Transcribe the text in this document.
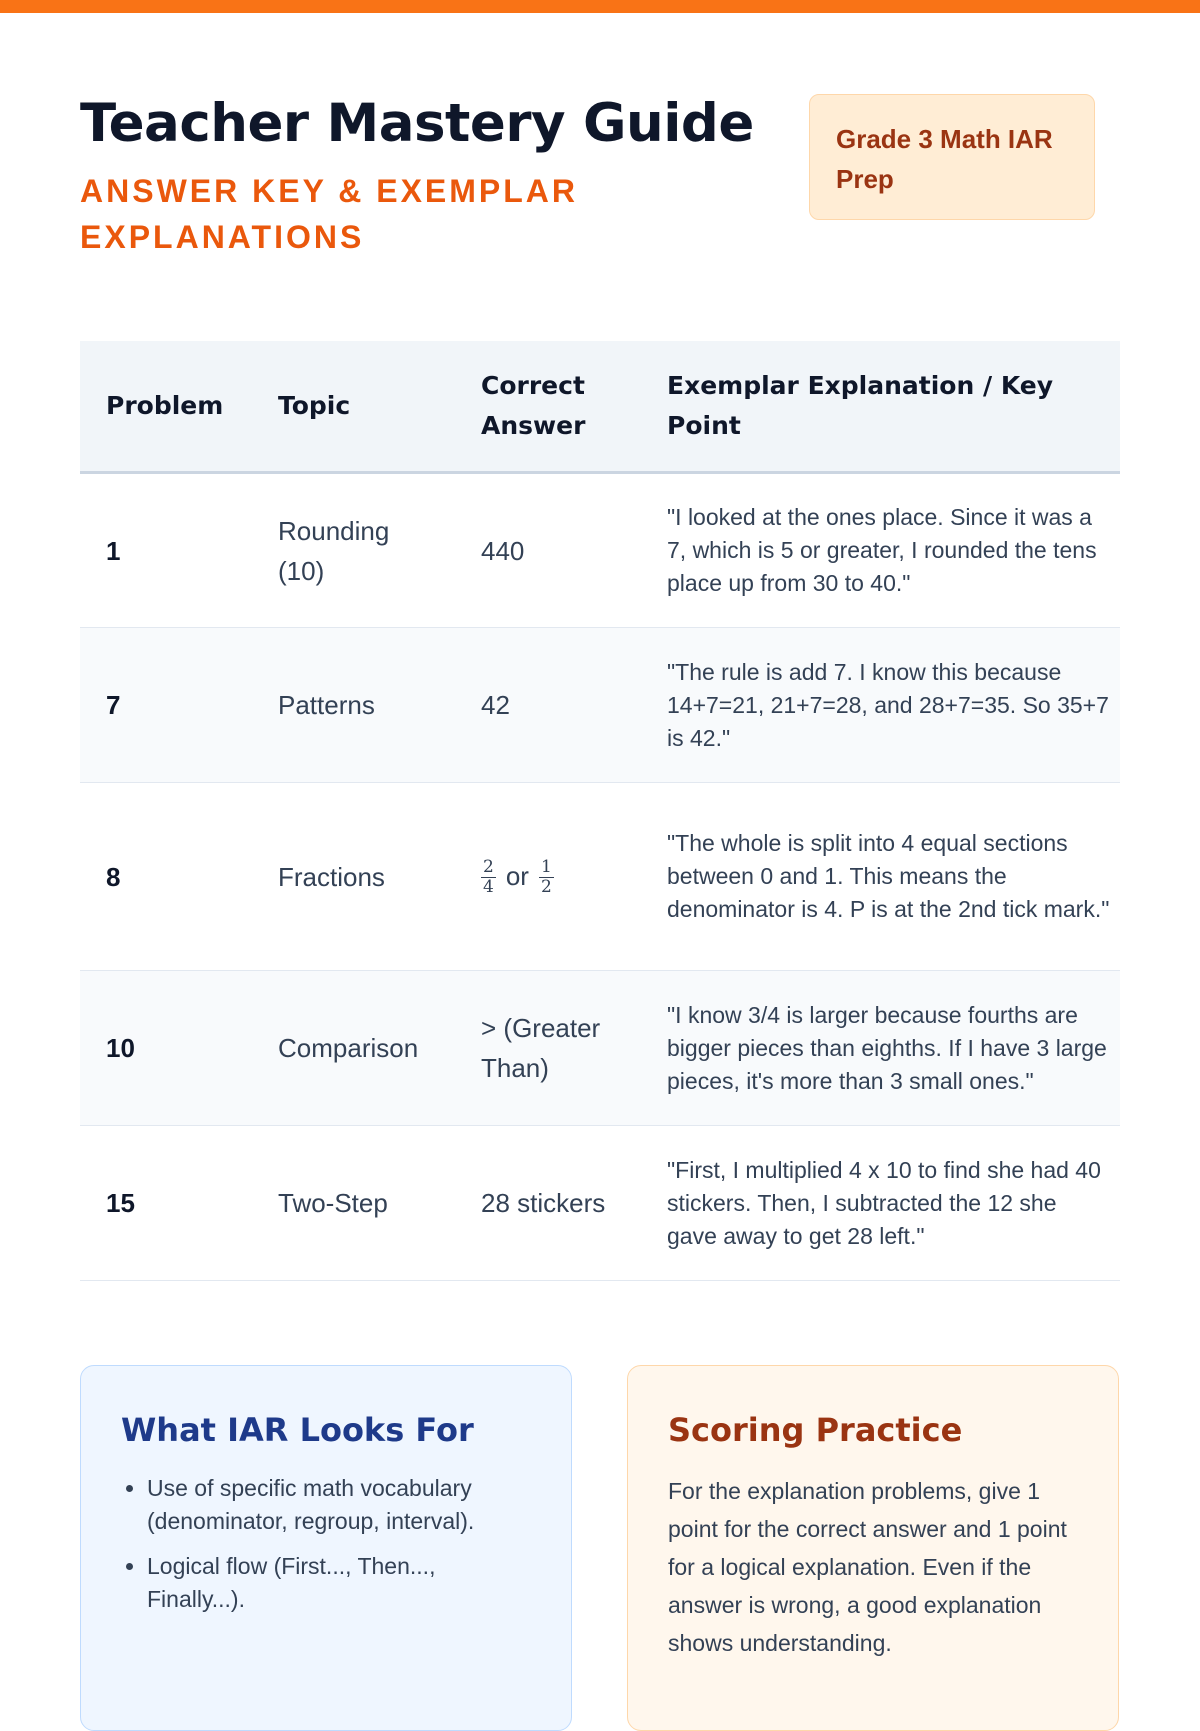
Teacher Mastery Guide
ANSWER KEY & EXEMPLAR EXPLANATIONS
Grade 3 Math IAR Prep
Problem	Topic	Correct Answer	Exemplar Explanation / Key Point
1	Rounding (10)	440	"I looked at the ones place. Since it was a 7, which is 5 or greater, I rounded the tens place up from 30 to 40."
7	Patterns	42	"The rule is add 7. I know this because 14+7=21, 21+7=28, and 28+7=35. So 35+7 is 42."
8	Fractions	$\frac{2}{4}$ or $\frac{1}{2}$	"The whole is split into 4 equal sections between 0 and 1. This means the denominator is 4. P is at the 2nd tick mark."
10	Comparison	> (Greater Than)	"I know 3/4 is larger because fourths are bigger pieces than eighths. If I have 3 large pieces, it's more than 3 small ones."
15	Two-Step	28 stickers	"First, I multiplied 4 x 10 to find she had 40 stickers. Then, I subtracted the 12 she gave away to get 28 left."
What IAR Looks For
• Use of specific math vocabulary (denominator, regroup, interval).
• Logical flow (First..., Then..., Finally...).
Scoring Practice

For the explanation problems, give 1 point for the correct answer and 1 point for a logical explanation. Even if the answer is wrong, a good explanation shows understanding.
